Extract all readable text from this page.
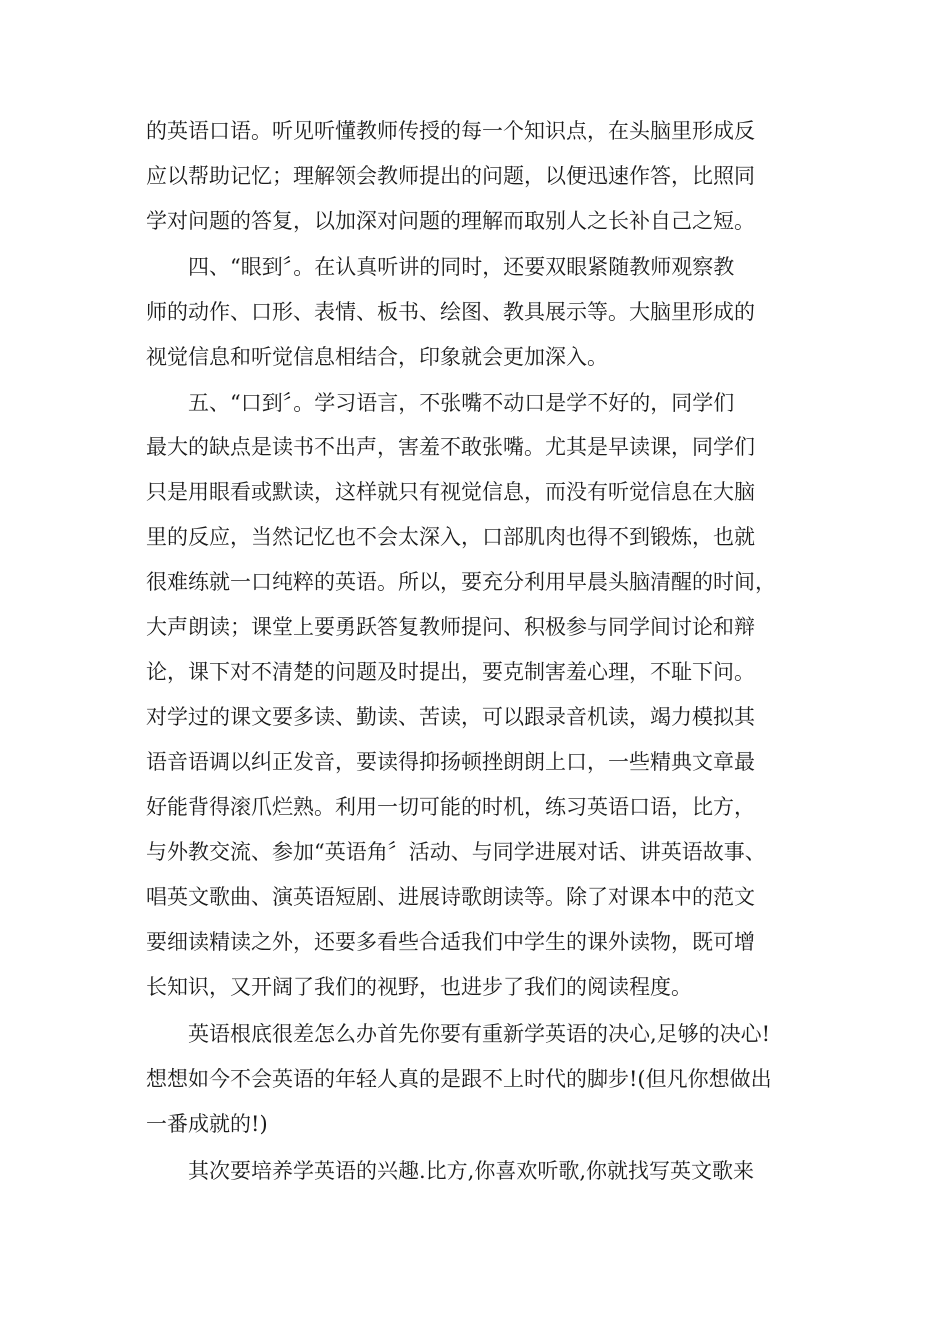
的英语口语。听见听懂教师传授的每一个知识点，在头脑里形成反
应以帮助记忆；理解领会教师提出的问题，以便迅速作答，比照同
学对问题的答复，以加深对问题的理解而取别人之长补自己之短。
四、“眼到〞。在认真听讲的同时，还要双眼紧随教师观察教
师的动作、口形、表情、板书、绘图、教具展示等。大脑里形成的
视觉信息和听觉信息相结合，印象就会更加深入。
五、“口到〞。学习语言，不张嘴不动口是学不好的，同学们
最大的缺点是读书不出声，害羞不敢张嘴。尤其是早读课，同学们
只是用眼看或默读，这样就只有视觉信息，而没有听觉信息在大脑
里的反应，当然记忆也不会太深入，口部肌肉也得不到锻炼，也就
很难练就一口纯粹的英语。所以，要充分利用早晨头脑清醒的时间，
大声朗读；课堂上要勇跃答复教师提问、积极参与同学间讨论和辩
论，课下对不清楚的问题及时提出，要克制害羞心理，不耻下问。
对学过的课文要多读、勤读、苦读，可以跟录音机读，竭力模拟其
语音语调以纠正发音，要读得抑扬顿挫朗朗上口，一些精典文章最
好能背得滚爪烂熟。利用一切可能的时机，练习英语口语，比方，
与外教交流、参加“英语角〞活动、与同学进展对话、讲英语故事、
唱英文歌曲、演英语短剧、进展诗歌朗读等。除了对课本中的范文
要细读精读之外，还要多看些合适我们中学生的课外读物，既可增
长知识，又开阔了我们的视野，也进步了我们的阅读程度。
英语根底很差怎么办首先你要有重新学英语的决心,足够的决心!
想想如今不会英语的年轻人真的是跟不上时代的脚步!(但凡你想做出
一番成就的!)
其次要培养学英语的兴趣.比方,你喜欢听歌,你就找写英文歌来
